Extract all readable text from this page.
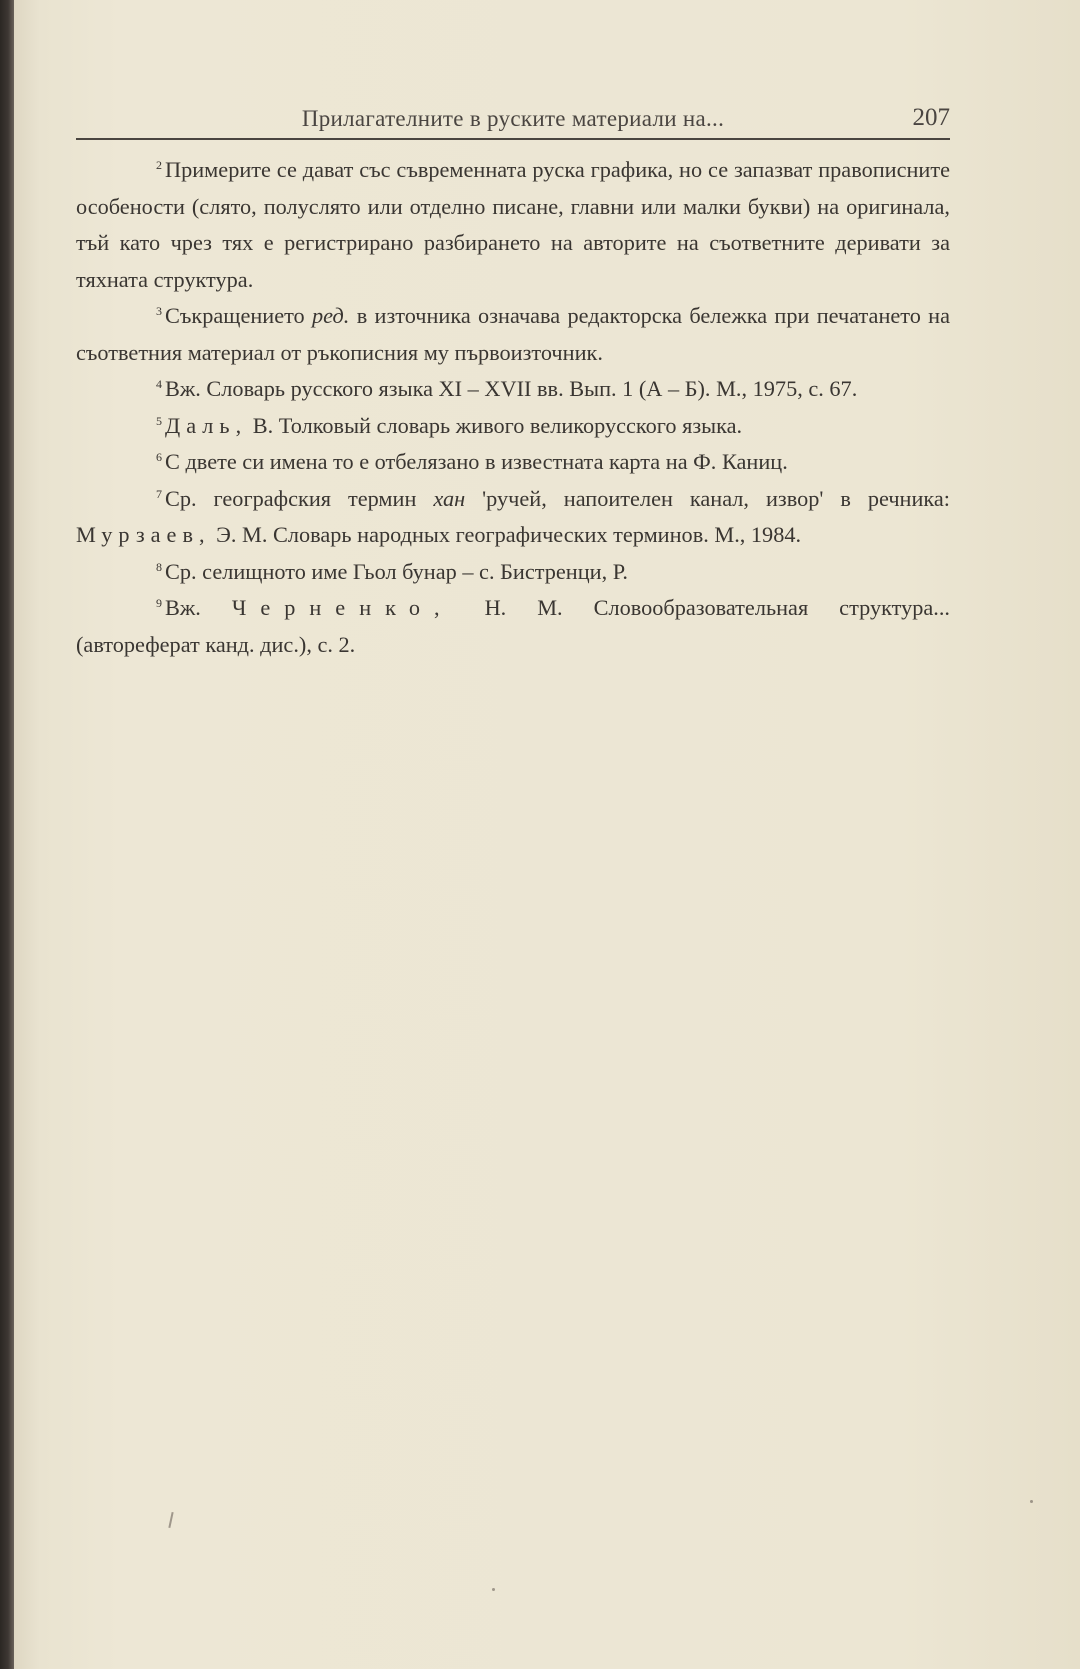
Прилагателните в руските материали на...	207

$^2$ Примерите се дават със съвременната руска графика, но се запазват правописните особености (слято, полуслято или отделно писане, главни или малки букви) на оригинала, тъй като чрез тях е регистрирано разбирането на авторите на съответните деривати за тяхната структура.

$^3$ Съкращението ред. в източника означава редакторска бележка при печатането на съответния материал от ръкописния му първоизточник.

$^4$ Вж. Словарь русского языка XI – XVII вв. Вып. 1 (А – Б). М., 1975, с. 67.

$^5$ Даль, В. Толковый словарь живого великорусского языка.

$^6$ С двете си имена то е отбелязано в известната карта на Ф. Каниц.

$^7$ Ср. географския термин хан 'ручей, напоителен канал, извор' в речника: Мурзаев, Э. М. Словарь народных географических терминов. М., 1984.

$^8$ Ср. селищното име Гьол бунар – с. Бистренци, Р.

$^9$ Вж. Черненко, Н. М. Словообразовательная структура... (автореферат канд. дис.), с. 2.
